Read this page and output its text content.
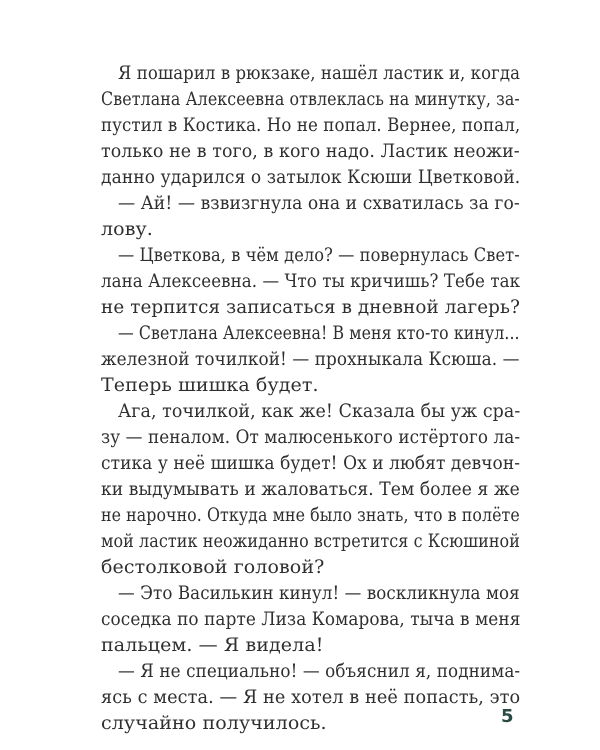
Я пошарил в рюкзаке, нашёл ластик и, когда
Светлана Алексеевна отвлеклась на минутку, за-
пустил в Костика. Но не попал. Вернее, попал,
только не в того, в кого надо. Ластик неожи-
данно ударился о затылок Ксюши Цветковой.
— Ай! — взвизгнула она и схватилась за го-
лову.
— Цветкова, в чём дело? — повернулась Свет-
лана Алексеевна. — Что ты кричишь? Тебе так
не терпится записаться в дневной лагерь?
— Светлана Алексеевна! В меня кто-то кинул...
железной точилкой! — прохныкала Ксюша. —
Теперь шишка будет.
Ага, точилкой, как же! Сказала бы уж сра-
зу — пеналом. От малюсенького истёртого ла-
стика у неё шишка будет! Ох и любят девчон-
ки выдумывать и жаловаться. Тем более я же
не нарочно. Откуда мне было знать, что в полёте
мой ластик неожиданно встретится с Ксюшиной
бестолковой головой?
— Это Василькин кинул! — воскликнула моя
соседка по парте Лиза Комарова, тыча в меня
пальцем. — Я видела!
— Я не специально! — объяснил я, поднима-
ясь с места. — Я не хотел в неё попасть, это
случайно получилось.	5
